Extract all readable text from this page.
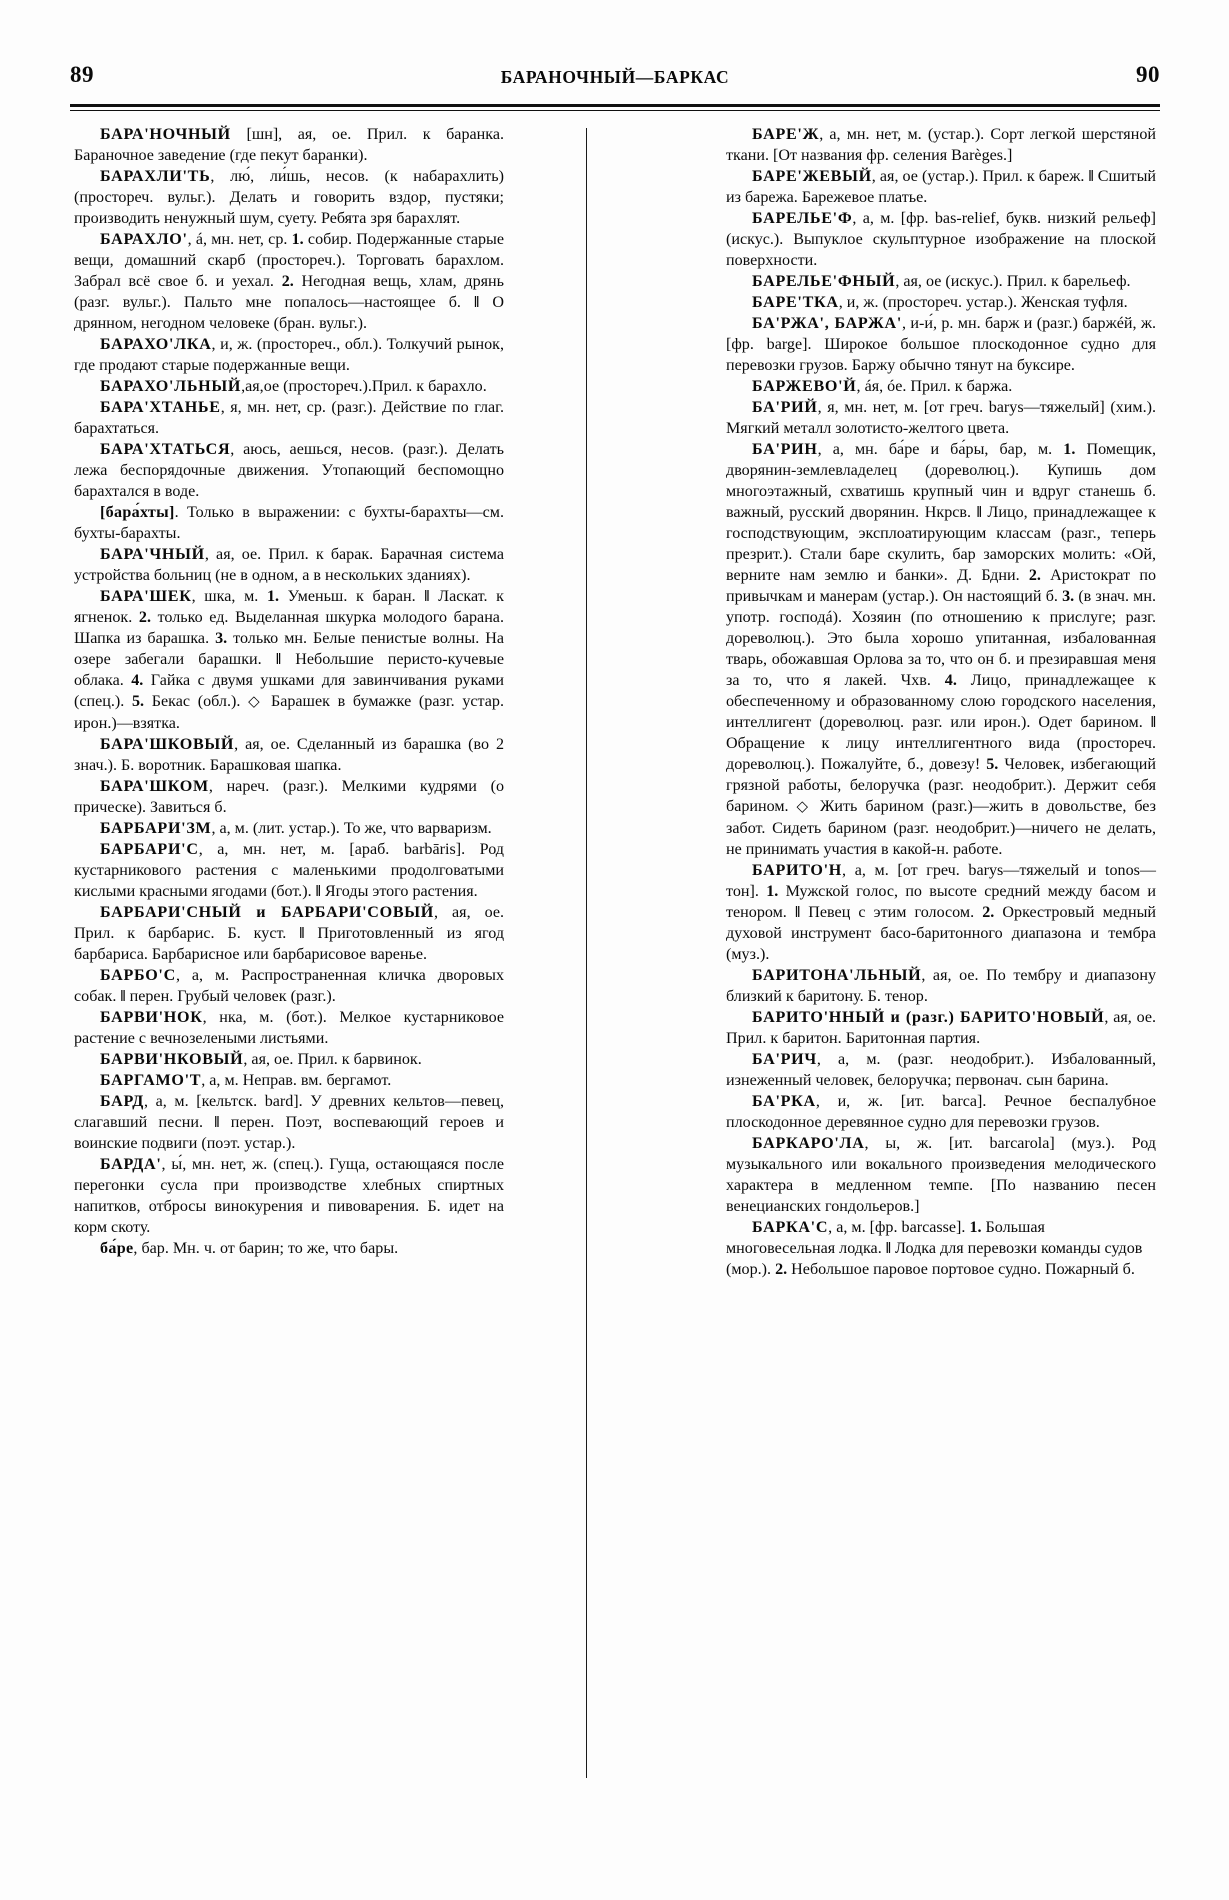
89	БАРАНОЧНЫЙ—БАРКАС	90

БАРА'НОЧНЫЙ [шн], ая, ое. Прил. к баранка. Бараночное заведение (где пекут баранки).

БАРАХЛИ'ТЬ, лю́, ли́шь, несов. (к набарахлить) (простореч. вульг.). Делать и говорить вздор, пустяки; производить ненужный шум, суету. Ребята зря барахлят.

БАРАХЛО', á, мн. нет, ср. 1. собир. Подержанные старые вещи, домашний скарб (простореч.). Торговать барахлом. Забрал всё свое б. и уехал. 2. Негодная вещь, хлам, дрянь (разг. вульг.). Пальто мне попалось—настоящее б. ‖ О дрянном, негодном человеке (бран. вульг.).

БАРАХО'ЛКА, и, ж. (простореч., обл.). Толкучий рынок, где продают старые подержанные вещи.

БАРАХО'ЛЬНЫЙ,ая,ое (простореч.).Прил. к барахло.

БАРА'ХТАНЬЕ, я, мн. нет, ср. (разг.). Действие по глаг. барахтаться.

БАРА'ХТАТЬСЯ, аюсь, аешься, несов. (разг.). Делать лежа беспорядочные движения. Утопающий беспомощно барахтался в воде.

[бара́хты]. Только в выражении: с бухты-барахты—см. бухты-барахты.

БАРА'ЧНЫЙ, ая, ое. Прил. к барак. Барачная система устройства больниц (не в одном, а в нескольких зданиях).

БАРА'ШЕК, шка, м. 1. Уменьш. к баран. ‖ Ласкат. к ягненок. 2. только ед. Выделанная шкурка молодого барана. Шапка из барашка. 3. только мн. Белые пенистые волны. На озере забегали барашки. ‖ Небольшие перисто-кучевые облака. 4. Гайка с двумя ушками для завинчивания руками (спец.). 5. Бекас (обл.). ◇ Барашек в бумажке (разг. устар. ирон.)—взятка.

БАРА'ШКОВЫЙ, ая, ое. Сделанный из барашка (во 2 знач.). Б. воротник. Барашковая шапка.

БАРА'ШКОМ, нареч. (разг.). Мелкими кудрями (о прическе). Завиться б.

БАРБАРИ'ЗМ, а, м. (лит. устар.). То же, что варваризм.

БАРБАРИ'С, а, мн. нет, м. [араб. barbāris]. Род кустарникового растения с маленькими продолговатыми кислыми красными ягодами (бот.). ‖ Ягоды этого растения.

БАРБАРИ'СНЫЙ и БАРБАРИ'СОВЫЙ, ая, ое. Прил. к барбарис. Б. куст. ‖ Приготовленный из ягод барбариса. Барбарисное или барбарисовое варенье.

БАРБО'С, а, м. Распространенная кличка дворовых собак. ‖ перен. Грубый человек (разг.).

БАРВИ'НОК, нка, м. (бот.). Мелкое кустарниковое растение с вечнозелеными листьями.

БАРВИ'НКОВЫЙ, ая, ое. Прил. к барвинок.

БАРГАМО'Т, а, м. Неправ. вм. бергамот.

БАРД, а, м. [кельтск. bard]. У древних кельтов—певец, слагавший песни. ‖ перен. Поэт, воспевающий героев и воинские подвиги (поэт. устар.).

БАРДА', ы́, мн. нет, ж. (спец.). Гуща, остающаяся после перегонки сусла при производстве хлебных спиртных напитков, отбросы винокурения и пивоварения. Б. идет на корм скоту.

ба́ре, бар. Мн. ч. от барин; то же, что бары.

БАРЕ'Ж, а, мн. нет, м. (устар.). Сорт легкой шерстяной ткани. [От названия фр. селения Barèges.]

БАРЕ'ЖЕВЫЙ, ая, ое (устар.). Прил. к бареж. ‖ Сшитый из барежа. Барежевое платье.

БАРЕЛЬЕ'Ф, а, м. [фр. bas-relief, букв. низкий рельеф] (искус.). Выпуклое скульптурное изображение на плоской поверхности.

БАРЕЛЬЕ'ФНЫЙ, ая, ое (искус.). Прил. к барельеф.

БАРЕ'ТКА, и, ж. (простореч. устар.). Женская туфля.

БА'РЖА', БАРЖА', и-и́, р. мн. барж и (разг.) баржéй, ж. [фр. barge]. Широкое большое плоскодонное судно для перевозки грузов. Баржу обычно тянут на буксире.

БАРЖЕВО'Й, áя, óе. Прил. к баржа.

БА'РИЙ, я, мн. нет, м. [от греч. barys—тяжелый] (хим.). Мягкий металл золотисто-желтого цвета.

БА'РИН, а, мн. ба́ре и ба́ры, бар, м. 1. Помещик, дворянин-землевладелец (дореволюц.). Купишь дом многоэтажный, схватишь крупный чин и вдруг станешь б. важный, русский дворянин. Нкрсв. ‖ Лицо, принадлежащее к господствующим, эксплоатирующим классам (разг., теперь презрит.). Стали баре скулить, бар заморских молить: «Ой, верните нам землю и банки». Д. Бдни. 2. Аристократ по привычкам и манерам (устар.). Он настоящий б. 3. (в знач. мн. употр. господá). Хозяин (по отношению к прислуге; разг. дореволюц.). Это была хорошо упитанная, избалованная тварь, обожавшая Орлова за то, что он б. и презиравшая меня за то, что я лакей. Чхв. 4. Лицо, принадлежащее к обеспеченному и образованному слою городского населения, интеллигент (дореволюц. разг. или ирон.). Одет барином. ‖ Обращение к лицу интеллигентного вида (простореч. дореволюц.). Пожалуйте, б., довезу! 5. Человек, избегающий грязной работы, белоручка (разг. неодобрит.). Держит себя барином. ◇ Жить барином (разг.)—жить в довольстве, без забот. Сидеть барином (разг. неодобрит.)—ничего не делать, не принимать участия в какой-н. работе.

БАРИТО'Н, а, м. [от греч. barys—тяжелый и tonos—тон]. 1. Мужской голос, по высоте средний между басом и тенором. ‖ Певец с этим голосом. 2. Оркестровый медный духовой инструмент басо-баритонного диапазона и тембра (муз.).

БАРИТОНА'ЛЬНЫЙ, ая, ое. По тембру и диапазону близкий к баритону. Б. тенор.

БАРИТО'ННЫЙ и (разг.) БАРИТО'НОВЫЙ, ая, ое. Прил. к баритон. Баритонная партия.

БА'РИЧ, а, м. (разг. неодобрит.). Избалованный, изнеженный человек, белоручка; первонач. сын барина.

БА'РКА, и, ж. [ит. barca]. Речное беспалубное плоскодонное деревянное судно для перевозки грузов.

БАРКАРО'ЛА, ы, ж. [ит. barcarola] (муз.). Род музыкального или вокального произведения мелодического характера в медленном темпе. [По названию песен венецианских гондольеров.]

БАРКА'С, а, м. [фр. barcasse]. 1. Большая многовесельная лодка. ‖ Лодка для перевозки команды судов (мор.). 2. Небольшое паровое портовое судно. Пожарный б.
